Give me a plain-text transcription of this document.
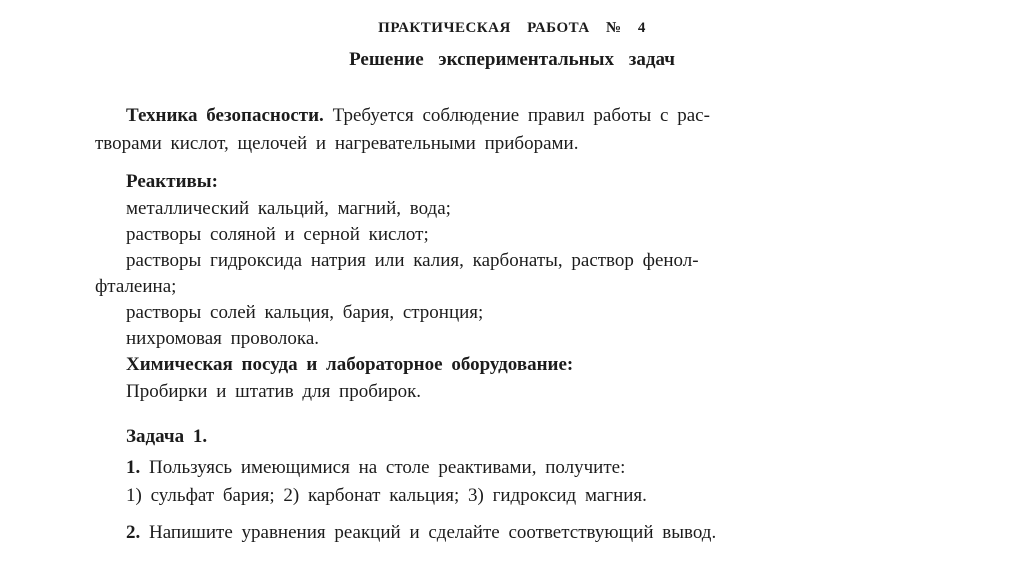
ПРАКТИЧЕСКАЯ РАБОТА № 4
Решение экспериментальных задач
Техника безопасности. Требуется соблюдение правил работы с рас-
творами кислот, щелочей и нагревательными приборами.
Реактивы:
металлический кальций, магний, вода;
растворы соляной и серной кислот;
растворы гидроксида натрия или калия, карбонаты, раствор фенол-
фталеина;
растворы солей кальция, бария, стронция;
нихромовая проволока.
Химическая посуда и лабораторное оборудование:
Пробирки и штатив для пробирок.
Задача 1.
1. Пользуясь имеющимися на столе реактивами, получите:
1) сульфат бария; 2) карбонат кальция; 3) гидроксид магния.
2. Напишите уравнения реакций и сделайте соответствующий вывод.
